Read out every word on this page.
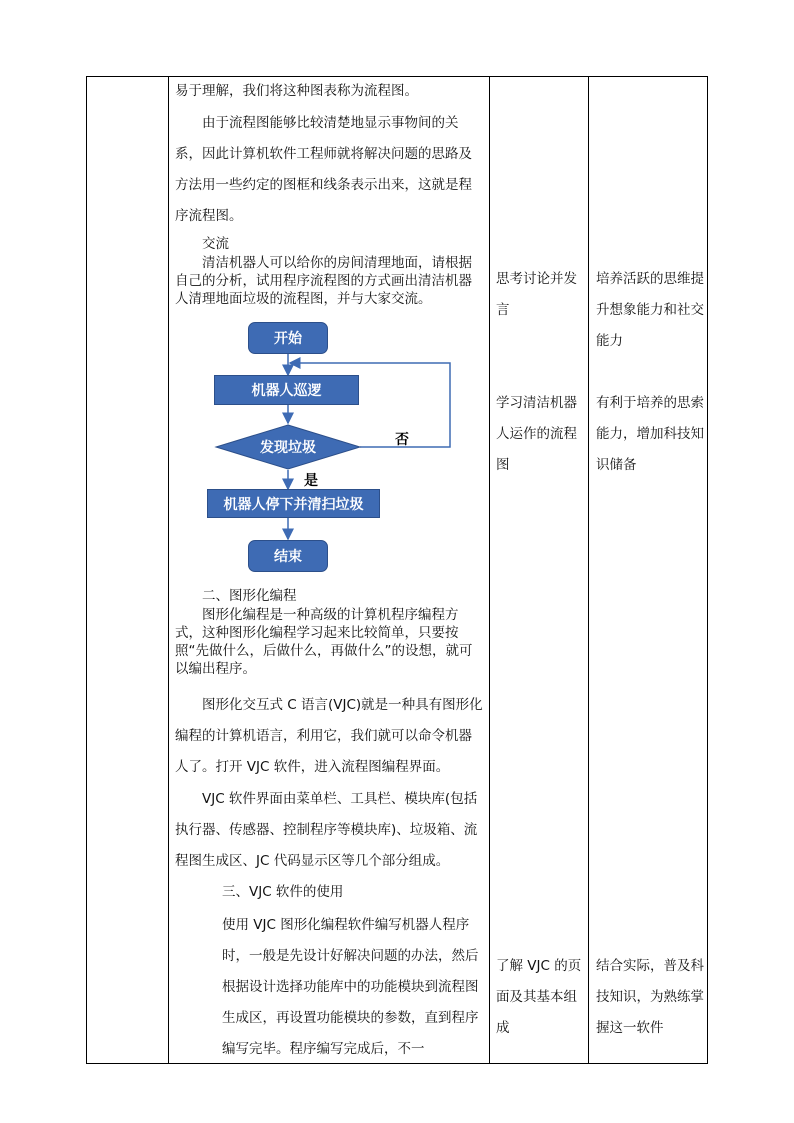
易于理解，我们将这种图表称为流程图。

由于流程图能够比较清楚地显示事物间的关系，因此计算机软件工程师就将解决问题的思路及方法用一些约定的图框和线条表示出来，这就是程序流程图。

交流

清洁机器人可以给你的房间清理地面，请根据自己的分析，试用程序流程图的方式画出清洁机器人清理地面垃圾的流程图，并与大家交流。

二、图形化编程

图形化编程是一种高级的计算机程序编程方式，这种图形化编程学习起来比较简单，只要按照“先做什么，后做什么，再做什么”的设想，就可以编出程序。

图形化交互式 C 语言(VJC)就是一种具有图形化编程的计算机语言，利用它，我们就可以命令机器人了。打开 VJC 软件，进入流程图编程界面。

VJC 软件界面由菜单栏、工具栏、模块库(包括执行器、传感器、控制程序等模块库)、垃圾箱、流程图生成区、JC 代码显示区等几个部分组成。

三、VJC 软件的使用

使用 VJC 图形化编程软件编写机器人程序时，一般是先设计好解决问题的办法，然后根据设计选择功能库中的功能模块到流程图生成区，再设置功能模块的参数，直到程序编写完毕。程序编写完成后，不一

开始
机器人巡逻
发现垃圾	否
是
机器人停下并清扫垃圾
结束
思考讨论并发言
学习清洁机器人运作的流程图
了解 VJC 的页面及其基本组成
培养活跃的思维提升想象能力和社交能力
有利于培养的思索能力，增加科技知识储备
结合实际，普及科技知识，为熟练掌握这一软件
